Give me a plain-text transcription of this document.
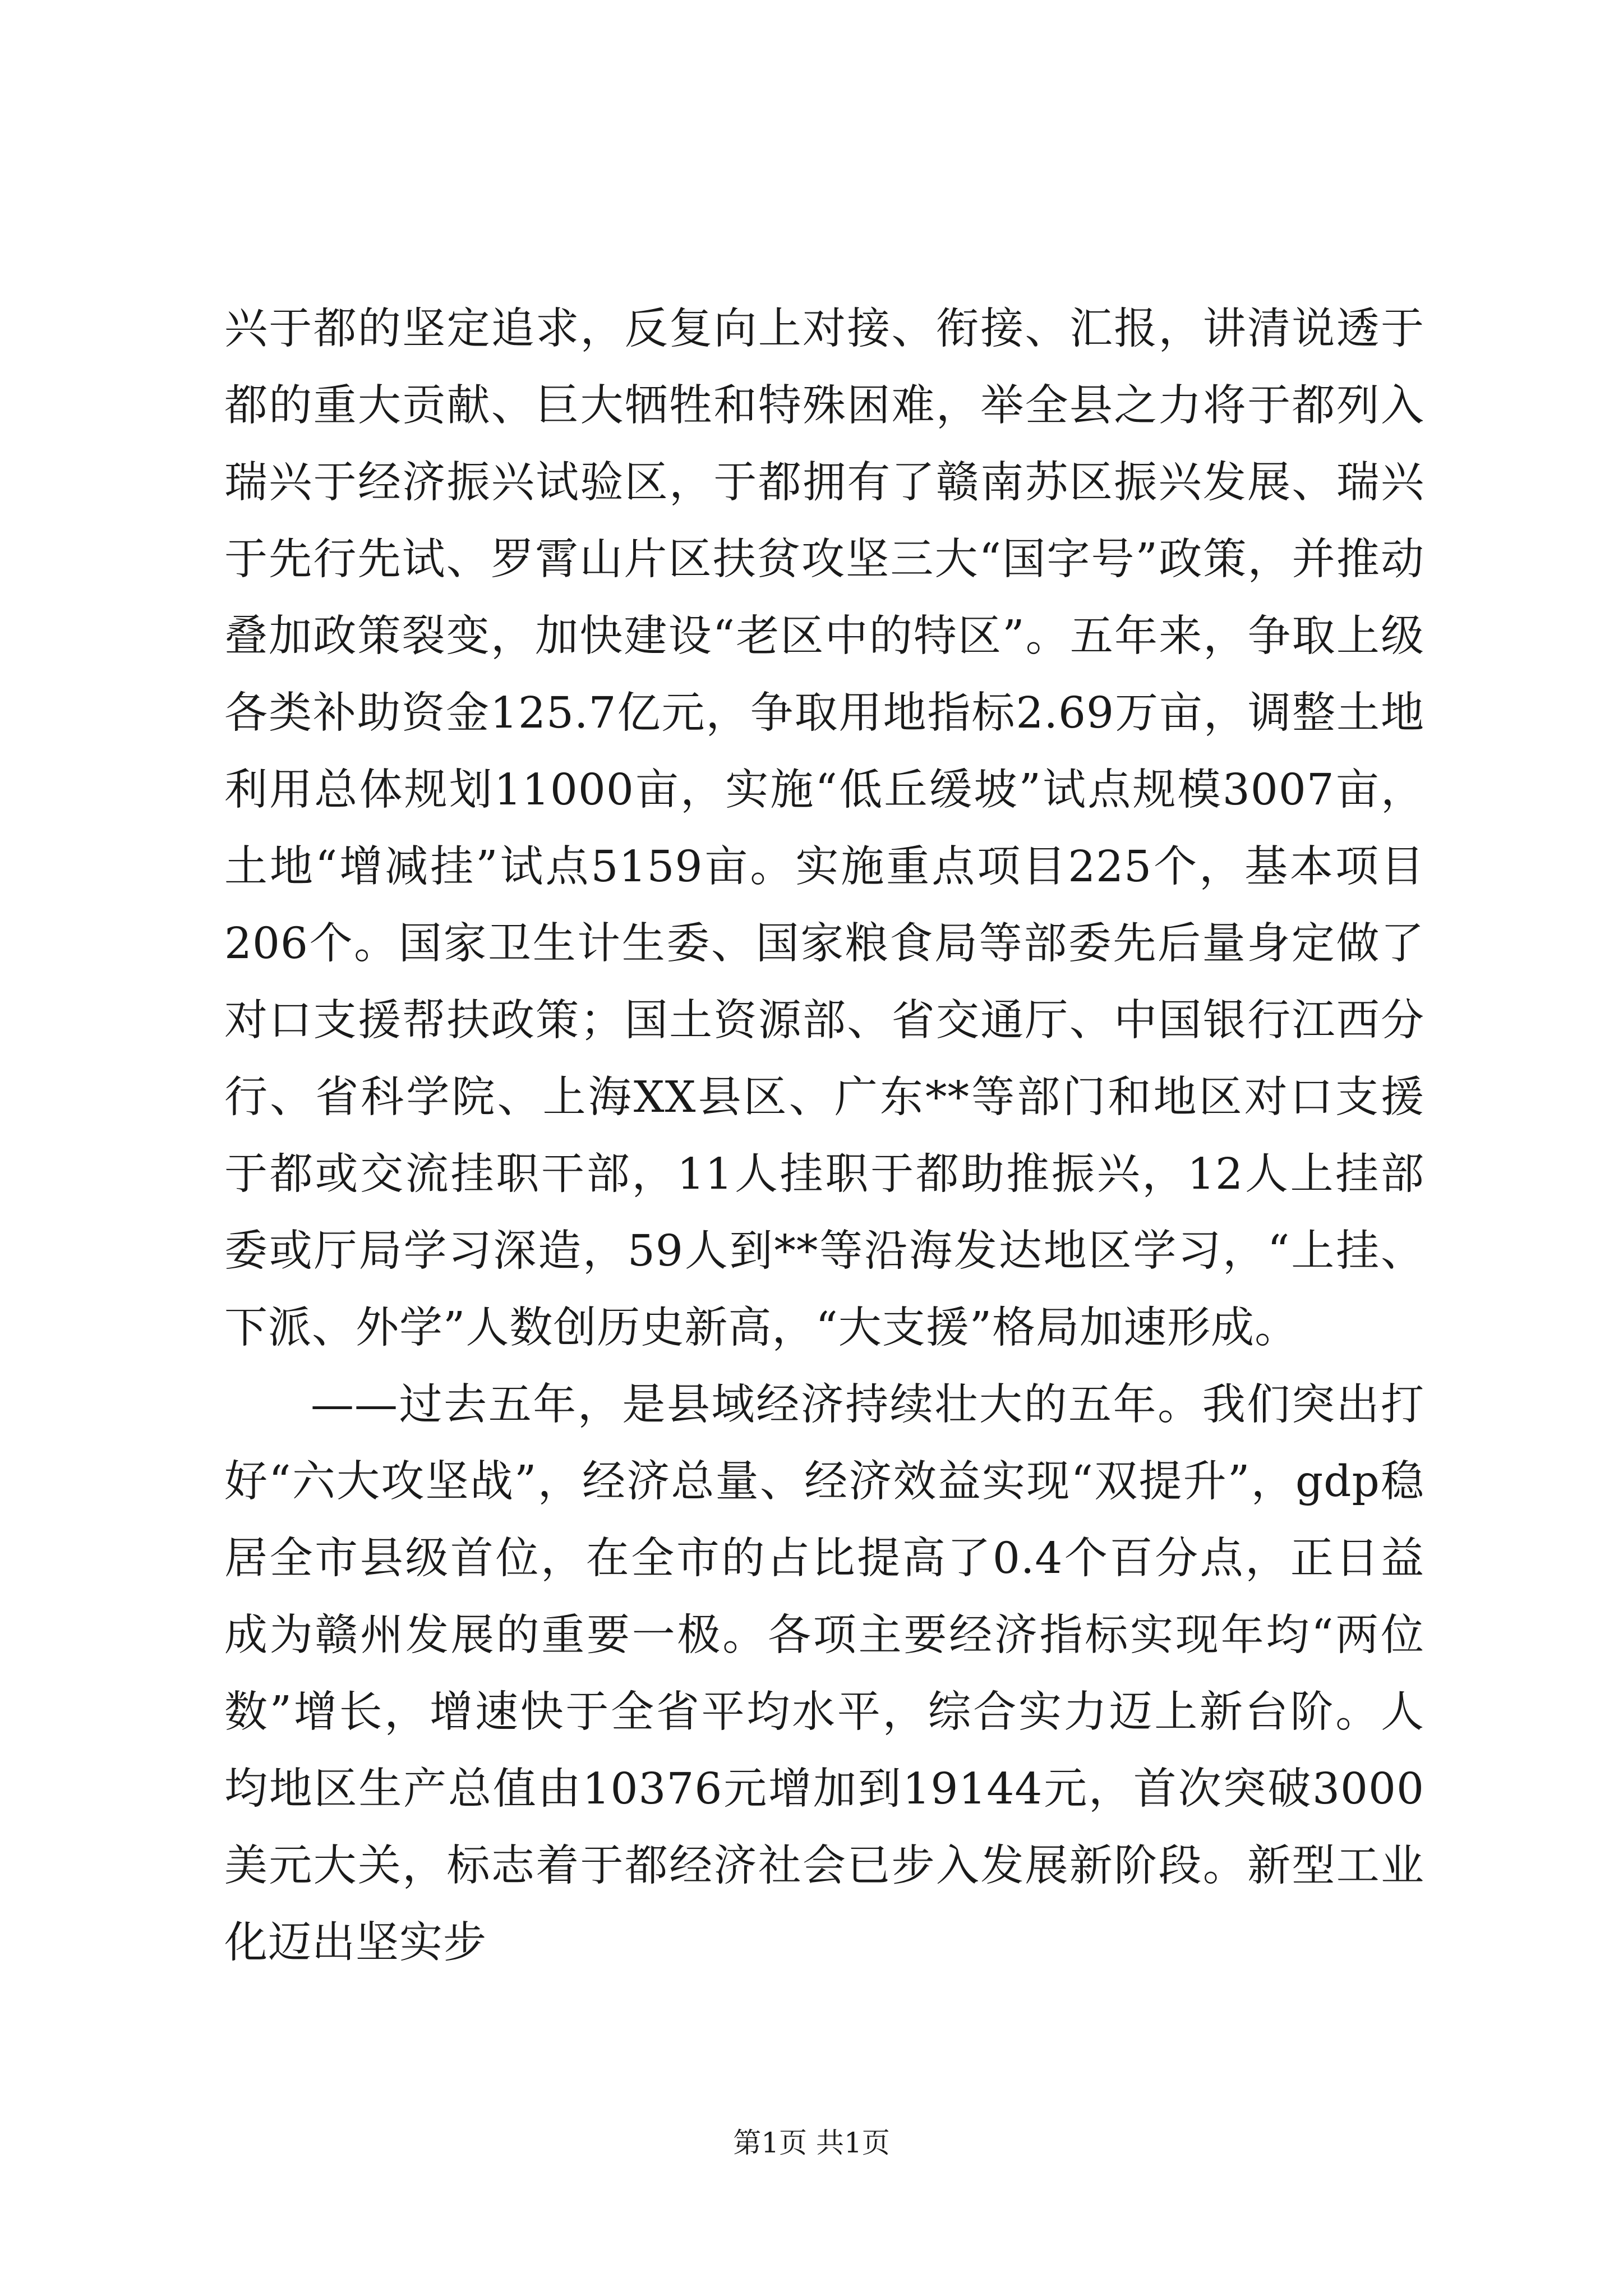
兴于都的坚定追求，反复向上对接、衔接、汇报，讲清说透于都的重大贡献、巨大牺牲和特殊困难，举全县之力将于都列入瑞兴于经济振兴试验区，于都拥有了赣南苏区振兴发展、瑞兴于先行先试、罗霄山片区扶贫攻坚三大“国字号”政策，并推动叠加政策裂变，加快建设“老区中的特区”。五年来，争取上级各类补助资金125.7亿元，争取用地指标2.69万亩，调整土地利用总体规划11000亩，实施“低丘缓坡”试点规模3007亩，土地“增减挂”试点5159亩。实施重点项目225个，基本项目206个。国家卫生计生委、国家粮食局等部委先后量身定做了对口支援帮扶政策；国土资源部、省交通厅、中国银行江西分行、省科学院、上海XX县区、广东**等部门和地区对口支援于都或交流挂职干部，11人挂职于都助推振兴，12人上挂部委或厅局学习深造，59人到**等沿海发达地区学习，“上挂、下派、外学”人数创历史新高，“大支援”格局加速形成。

——过去五年，是县域经济持续壮大的五年。我们突出打好“六大攻坚战”，经济总量、经济效益实现“双提升”，gdp稳居全市县级首位，在全市的占比提高了0.4个百分点，正日益成为赣州发展的重要一极。各项主要经济指标实现年均“两位数”增长，增速快于全省平均水平，综合实力迈上新台阶。人均地区生产总值由10376元增加到19144元，首次突破3000美元大关，标志着于都经济社会已步入发展新阶段。新型工业化迈出坚实步

第1页 共1页
